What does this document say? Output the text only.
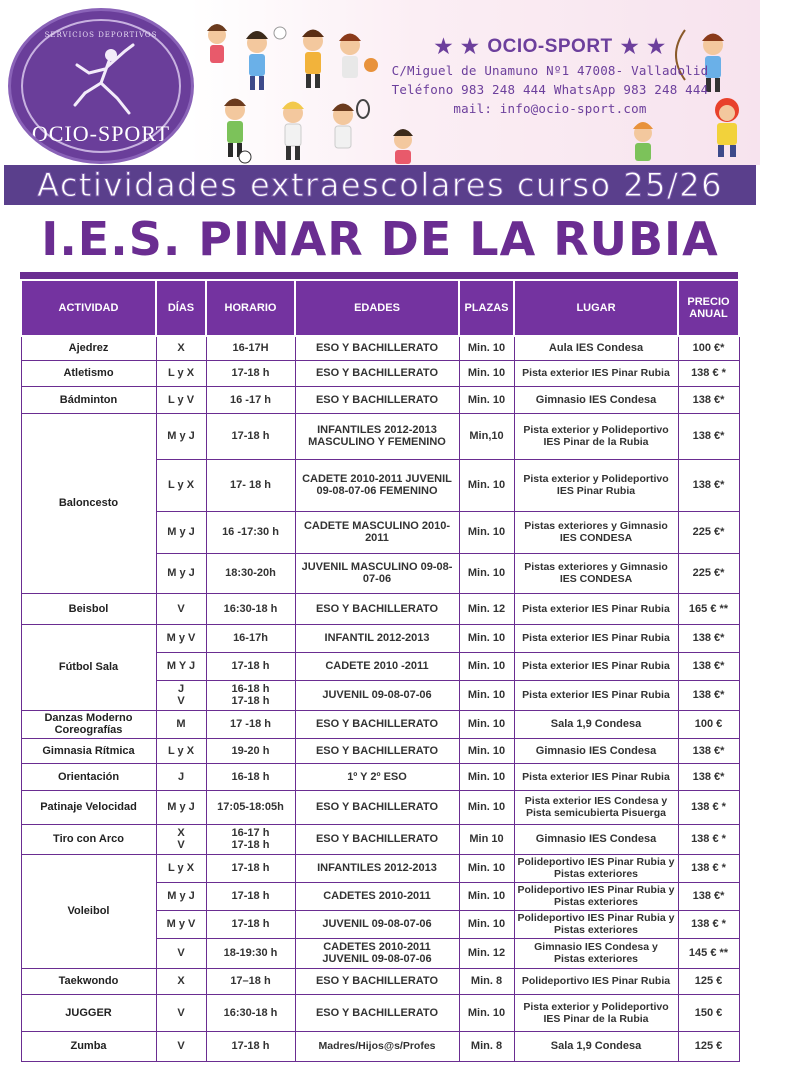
SERVICIOS DEPORTIVOS
OCIO-SPORT
★ ★ OCIO-SPORT ★ ★
C/Miguel de Unamuno Nº1 47008- Valladolid
Teléfono 983 248 444 WhatsApp 983 248 444
mail: info@ocio-sport.com
Actividades extraescolares curso 25/26
I.E.S. PINAR DE LA RUBIA
ACTIVIDAD	DÍAS	HORARIO	EDADES	PLAZAS	LUGAR	PRECIO ANUAL
Ajedrez	X	16-17H	ESO Y BACHILLERATO	Min. 10	Aula IES Condesa	100 €*
Atletismo	L y X	17-18 h	ESO Y BACHILLERATO	Min. 10	Pista exterior IES Pinar Rubia	138 € *
Bádminton	L y V	16 -17 h	ESO Y BACHILLERATO	Min. 10	Gimnasio IES Condesa	138 €*
Baloncesto	M y J	17-18 h	INFANTILES 2012-2013 MASCULINO Y FEMENINO	Min,10	Pista exterior y Polideportivo IES Pinar de la Rubia	138 €*
	L y X	17- 18 h	CADETE 2010-2011 JUVENIL 09-08-07-06 FEMENINO	Min. 10	Pista exterior y Polideportivo IES Pinar Rubia	138 €*
	M y J	16 -17:30 h	CADETE MASCULINO 2010-2011	Min. 10	Pistas exteriores y Gimnasio IES CONDESA	225 €*
	M y J	18:30-20h	JUVENIL MASCULINO 09-08-07-06	Min. 10	Pistas exteriores y Gimnasio IES CONDESA	225 €*
Beisbol	V	16:30-18 h	ESO Y BACHILLERATO	Min. 12	Pista exterior IES Pinar Rubia	165 € **
Fútbol Sala	M y V	16-17h	INFANTIL 2012-2013	Min. 10	Pista exterior IES Pinar Rubia	138 €*
	M Y J	17-18 h	CADETE 2010 -2011	Min. 10	Pista exterior IES Pinar Rubia	138 €*

	J V	16-18 h 17-18 h	JUVENIL 09-08-07-06	Min. 10	Pista exterior IES Pinar Rubia	138 €*
Danzas Moderno Coreografías	M	17 -18 h	ESO Y BACHILLERATO	Min. 10	Sala 1,9 Condesa	100 €
Gimnasia Rítmica	L y X	19-20 h	ESO Y BACHILLERATO	Min. 10	Gimnasio IES Condesa	138 €*
Orientación	J	16-18 h	1º Y 2º ESO	Min. 10	Pista exterior IES Pinar Rubia	138 €*
Patinaje Velocidad	M y J	17:05-18:05h	ESO Y BACHILLERATO	Min. 10	Pista exterior IES Condesa y Pista semicubierta Pisuerga	138 € *
Tiro con Arco	X V	16-17 h 17-18 h	ESO Y BACHILLERATO	Min 10	Gimnasio IES Condesa	138 € *
Voleibol	L y X	17-18 h	INFANTILES 2012-2013	Min. 10	Polideportivo IES Pinar Rubia y Pistas exteriores	138 € *
	M y J	17-18 h	CADETES 2010-2011	Min. 10	Polideportivo IES Pinar Rubia y Pistas exteriores	138 €*
	M y V	17-18 h	JUVENIL 09-08-07-06	Min. 10	Polideportivo IES Pinar Rubia y Pistas exteriores	138 € *
	V	18-19:30 h	CADETES 2010-2011 JUVENIL 09-08-07-06	Min. 12	Gimnasio IES Condesa y Pistas exteriores	145 € **
Taekwondo	X	17–18 h	ESO Y BACHILLERATO	Min. 8	Polideportivo IES Pinar Rubia	125 €
JUGGER	V	16:30-18 h	ESO Y BACHILLERATO	Min. 10	Pista exterior y Polideportivo IES Pinar de la Rubia	150 €
Zumba	V	17-18 h	Madres/Hijos@s/Profes	Min. 8	Sala 1,9 Condesa	125 €
